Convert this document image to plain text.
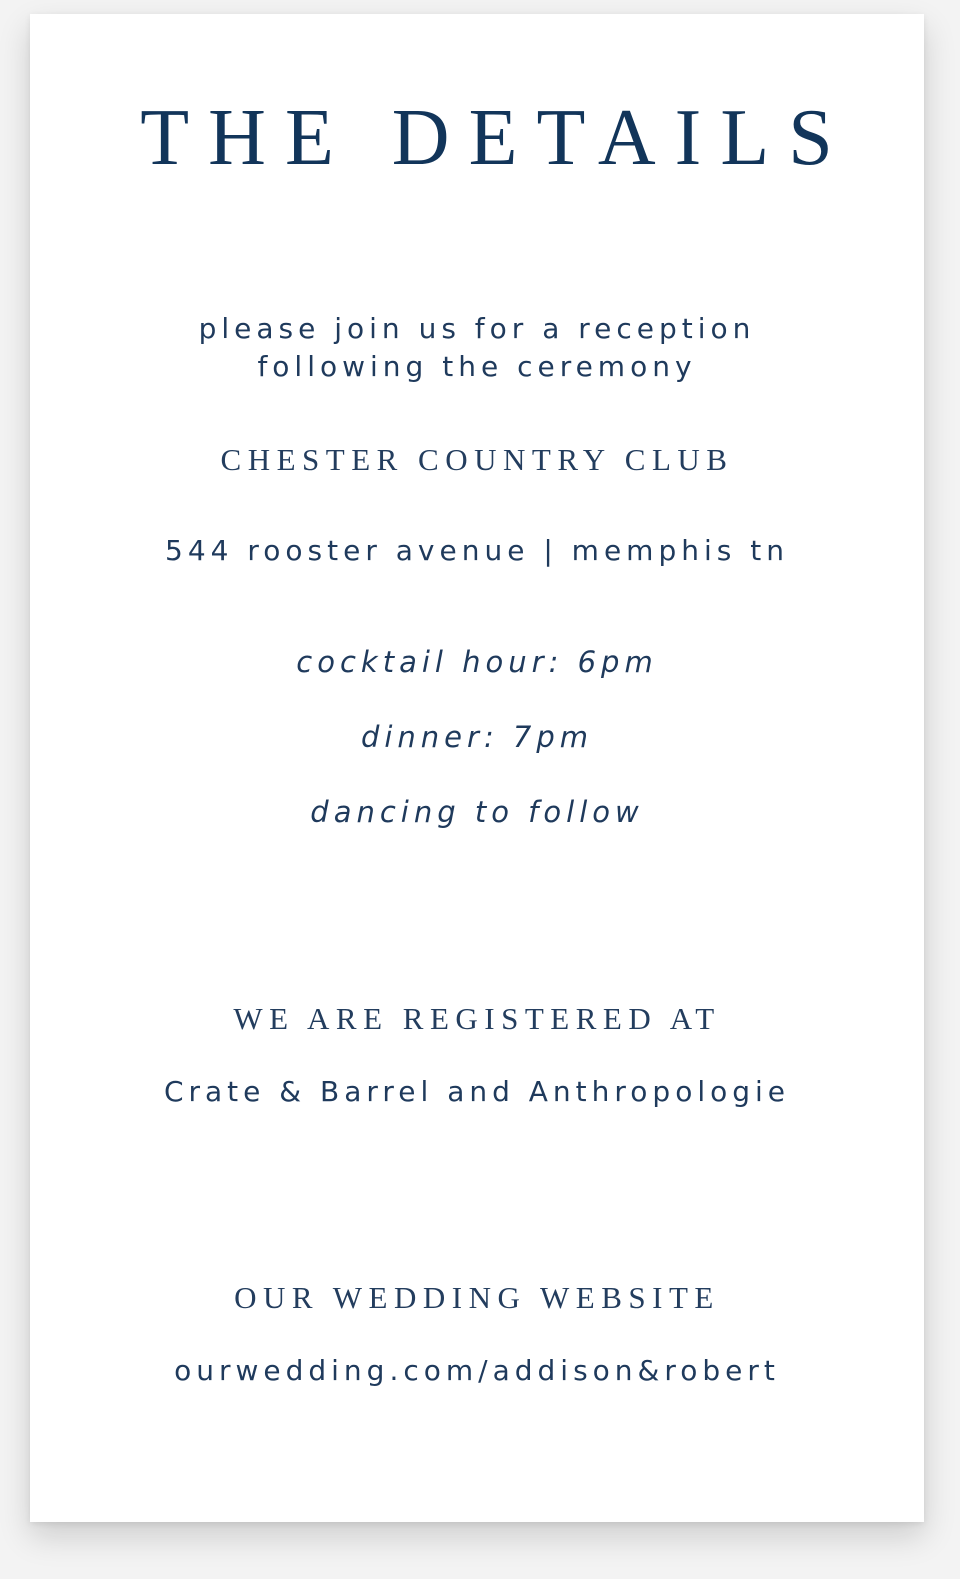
THE DETAILS
please join us for a reception
following the ceremony
CHESTER COUNTRY CLUB
544 rooster avenue | memphis tn
cocktail hour: 6pm
dinner: 7pm
dancing to follow
WE ARE REGISTERED AT
Crate & Barrel and Anthropologie
OUR WEDDING WEBSITE
ourwedding.com/addison&robert
